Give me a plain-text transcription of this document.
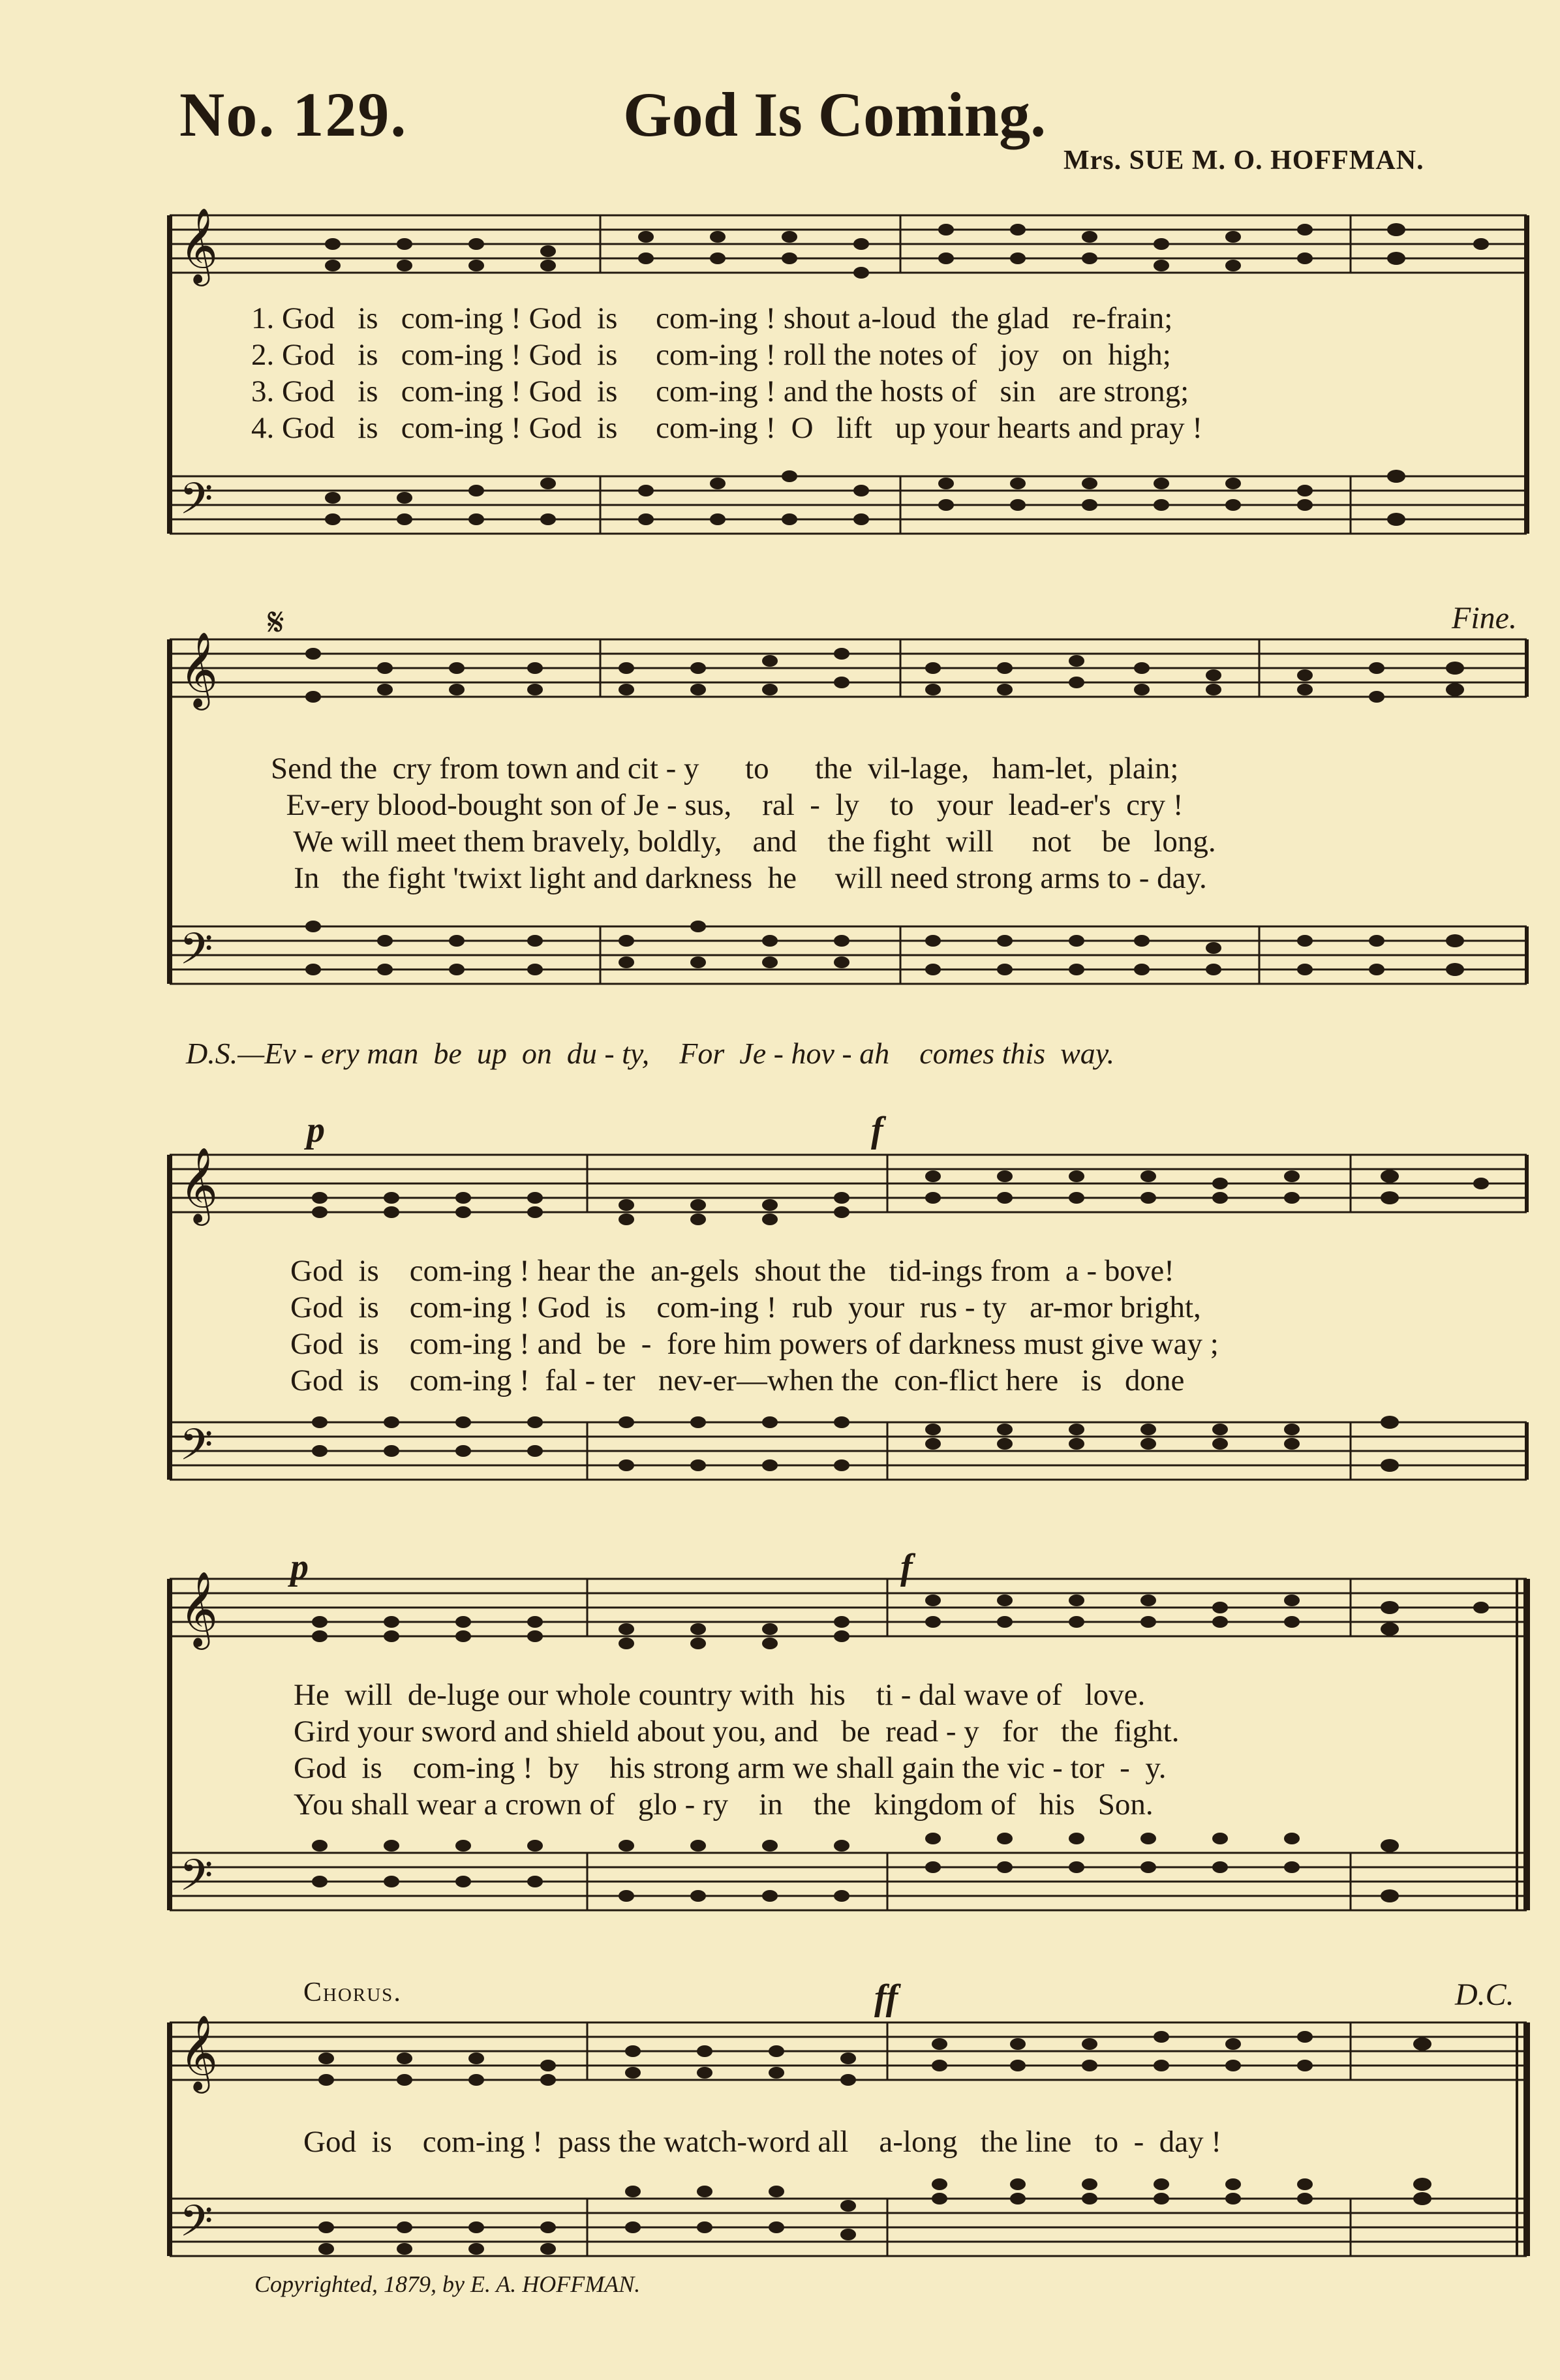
No. 129.	God Is Coming.
Mrs. SUE M. O. HOFFMAN.
𝄞
𝄢
1. God   is   com-ing ! God  is     com-ing ! shout a-loud  the glad   re-frain;
2. God   is   com-ing ! God  is     com-ing ! roll the notes of   joy   on  high;
3. God   is   com-ing ! God  is     com-ing ! and the hosts of   sin   are strong;
4. God   is   com-ing ! God  is     com-ing !  O   lift   up your hearts and pray !
𝄋	Fine.
𝄞
𝄢
Send the  cry from town and cit - y      to      the  vil-lage,   ham-let,  plain;
Ev-ery blood-bought son of Je - sus,    ral  -  ly    to   your  lead-er's  cry !
We will meet them bravely, boldly,    and    the fight  will     not    be   long.
In   the fight 'twixt light and darkness  he     will need strong arms to - day.
D.S.—Ev - ery man  be  up  on  du - ty,    For  Je - hov - ah    comes this  way.
p	f
𝄞
𝄢
God  is    com-ing ! hear the  an-gels  shout the   tid-ings from  a - bove!
God  is    com-ing ! God  is    com-ing !  rub  your  rus - ty   ar-mor bright,
God  is    com-ing ! and  be  -  fore him powers of darkness must give way ;
God  is    com-ing !  fal - ter   nev-er—when the  con-flict here   is   done
p	f
𝄞
𝄢
He  will  de-luge our whole country with  his    ti - dal wave of   love.
Gird your sword and shield about you, and   be  read - y   for   the  fight.
God  is    com-ing !  by    his strong arm we shall gain the vic - tor  -  y.
You shall wear a crown of   glo - ry    in    the   kingdom of   his   Son.
Chorus.	ff	D.C.
𝄞
𝄢
God  is    com-ing !  pass the watch-word all    a-long   the line   to  -  day !
Copyrighted, 1879, by E. A. HOFFMAN.
